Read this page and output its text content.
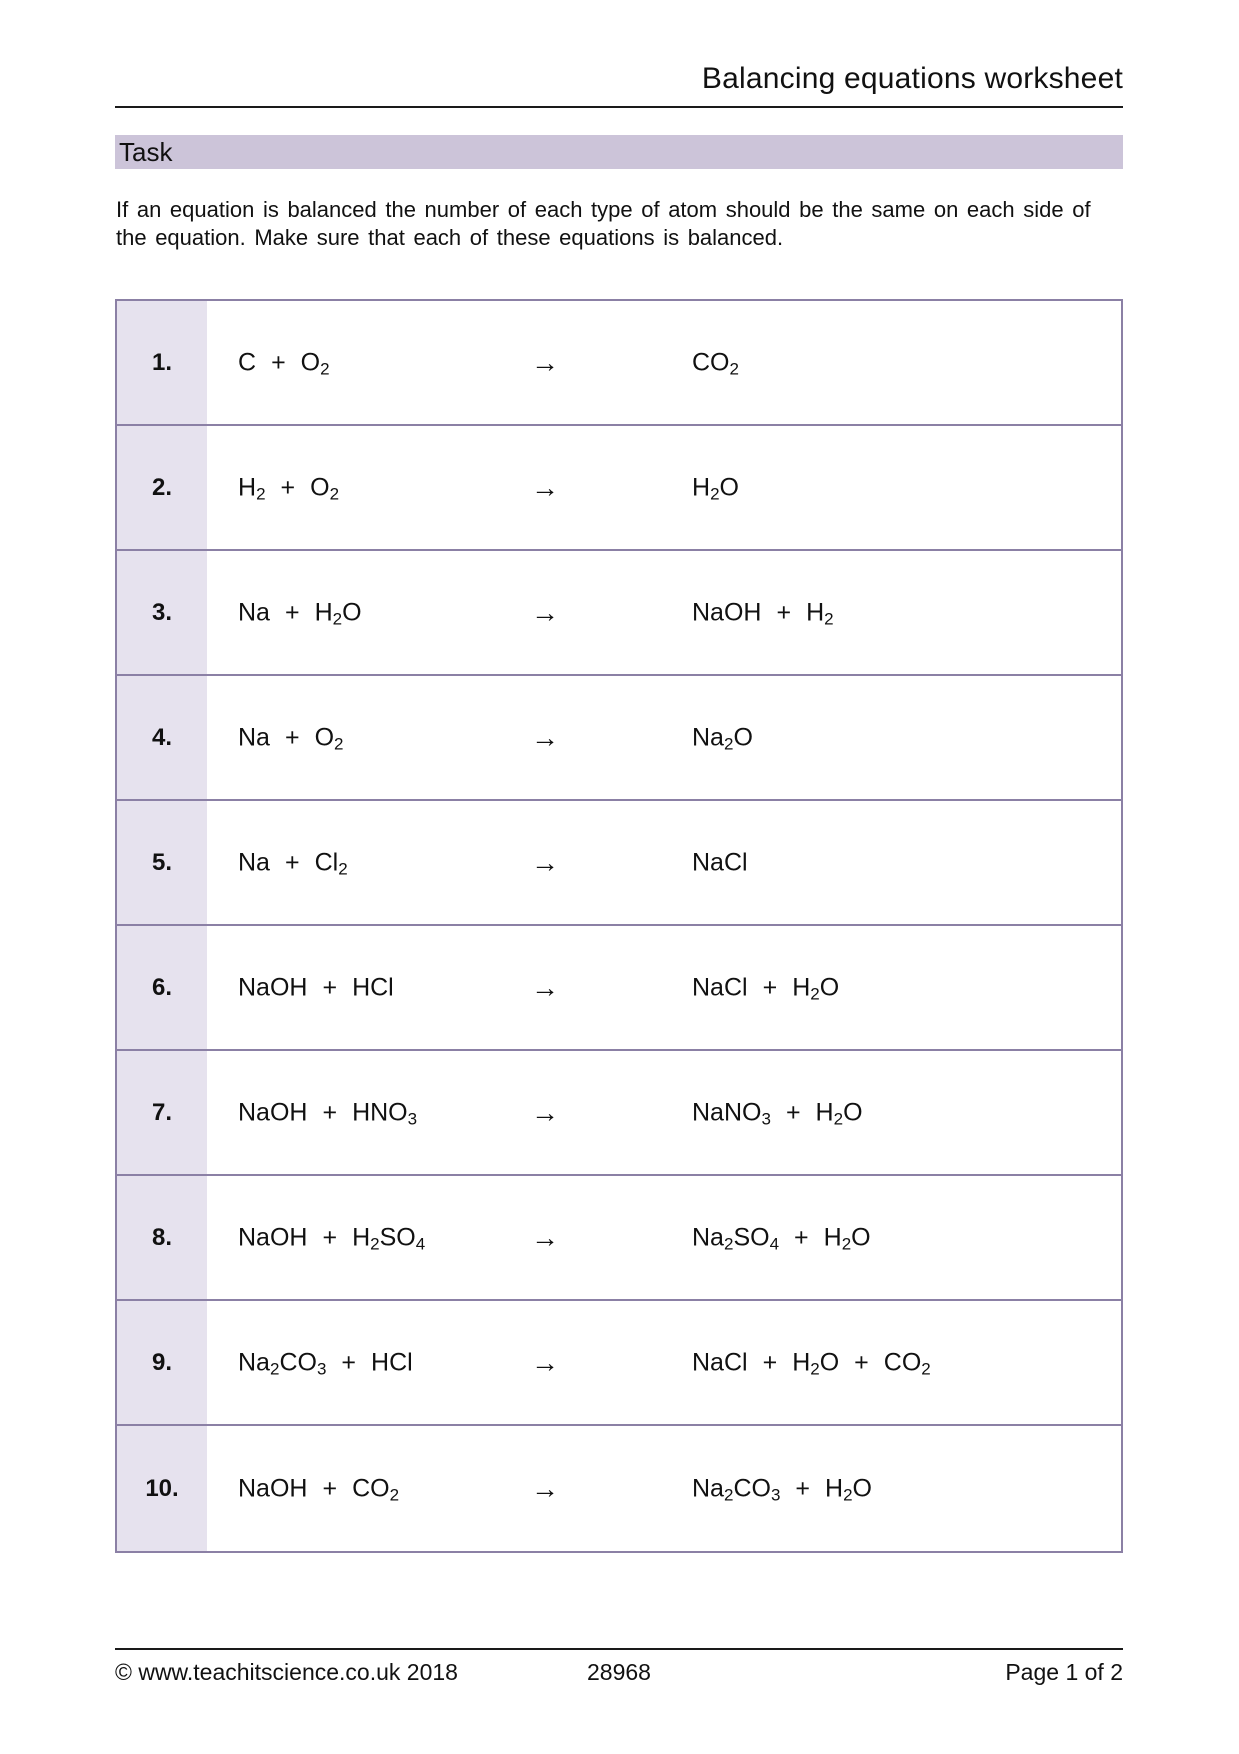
Balancing equations worksheet
Task
If an equation is balanced the number of each type of atom should be the same on each side of
the equation. Make sure that each of these equations is balanced.
1.	$C + O_2$	→	$CO_2$
2.	$H_2 + O_2$	→	$H_2O$
3.	$Na + H_2O$	→	NaOH + $H_2$
4.	$Na + O_2$	→	$Na_2O$
5.	$Na + Cl_2$	→	NaCl
6.	NaOH + HCl	→	NaCl + $H_2O$
7.	NaOH + $HNO_3$	→	NaNO$_3$ + $H_2O$
8.	NaOH + $H_2SO_4$	→	$Na_2SO_4 + H_2O$
9.	$Na_2CO_3$ + HCl	→	NaCl + $H_2O + CO_2$
10.	NaOH + $CO_2$	→	$Na_2CO_3 + H_2O$
© www.teachitscience.co.uk 2018	28968	Page 1 of 2
